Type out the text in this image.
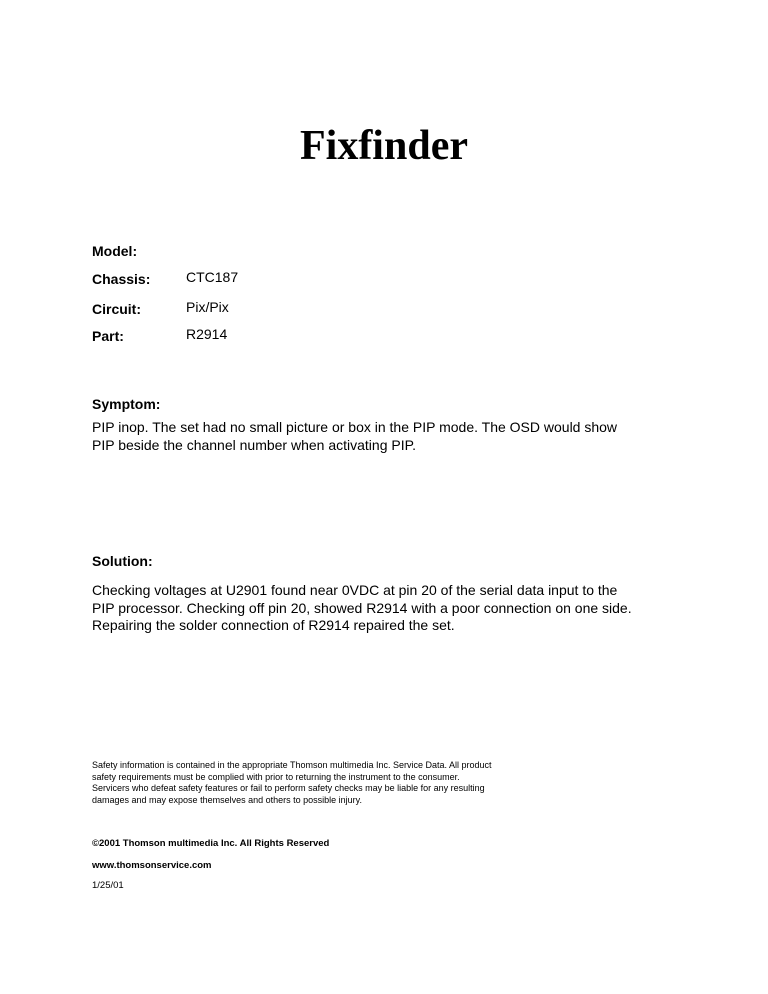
Fixfinder
Model:
Chassis:	CTC187
Circuit:	Pix/Pix
Part:	R2914
Symptom:

PIP inop. The set had no small picture or box in the PIP mode. The OSD would show PIP beside the channel number when activating PIP.

Solution:

Checking voltages at U2901 found near 0VDC at pin 20 of the serial data input to the PIP processor. Checking off pin 20, showed R2914 with a poor connection on one side. Repairing the solder connection of R2914 repaired the set.

Safety information is contained in the appropriate Thomson multimedia Inc. Service Data. All product safety requirements must be complied with prior to returning the instrument to the consumer. Servicers who defeat safety features or fail to perform safety checks may be liable for any resulting damages and may expose themselves and others to possible injury.

©2001 Thomson multimedia Inc. All Rights Reserved
www.thomsonservice.com
1/25/01
